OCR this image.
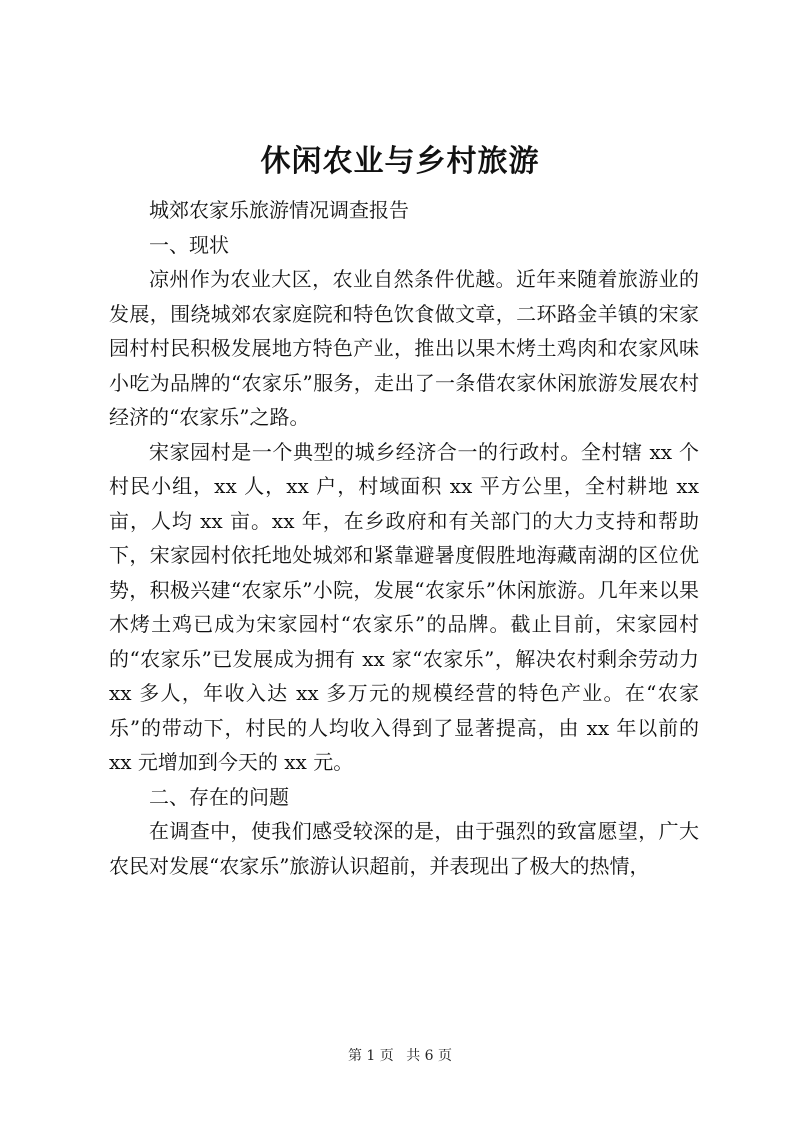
休闲农业与乡村旅游

城郊农家乐旅游情况调查报告

一、现状

凉州作为农业大区，农业自然条件优越。近年来随着旅游业的发展，围绕城郊农家庭院和特色饮食做文章，二环路金羊镇的宋家园村村民积极发展地方特色产业，推出以果木烤土鸡肉和农家风味小吃为品牌的“农家乐”服务，走出了一条借农家休闲旅游发展农村经济的“农家乐”之路。

宋家园村是一个典型的城乡经济合一的行政村。全村辖 xx 个村民小组，xx 人，xx 户，村域面积 xx 平方公里，全村耕地 xx 亩，人均 xx 亩。xx 年，在乡政府和有关部门的大力支持和帮助下，宋家园村依托地处城郊和紧靠避暑度假胜地海藏南湖的区位优势，积极兴建“农家乐”小院，发展“农家乐”休闲旅游。几年来以果木烤土鸡已成为宋家园村“农家乐”的品牌。截止目前，宋家园村的“农家乐”已发展成为拥有 xx 家“农家乐”，解决农村剩余劳动力 xx 多人，年收入达 xx 多万元的规模经营的特色产业。在“农家乐”的带动下，村民的人均收入得到了显著提高，由 xx 年以前的 xx 元增加到今天的 xx 元。

二、存在的问题

在调查中，使我们感受较深的是，由于强烈的致富愿望，广大农民对发展“农家乐”旅游认识超前，并表现出了极大的热情，

第 1 页 共 6 页
